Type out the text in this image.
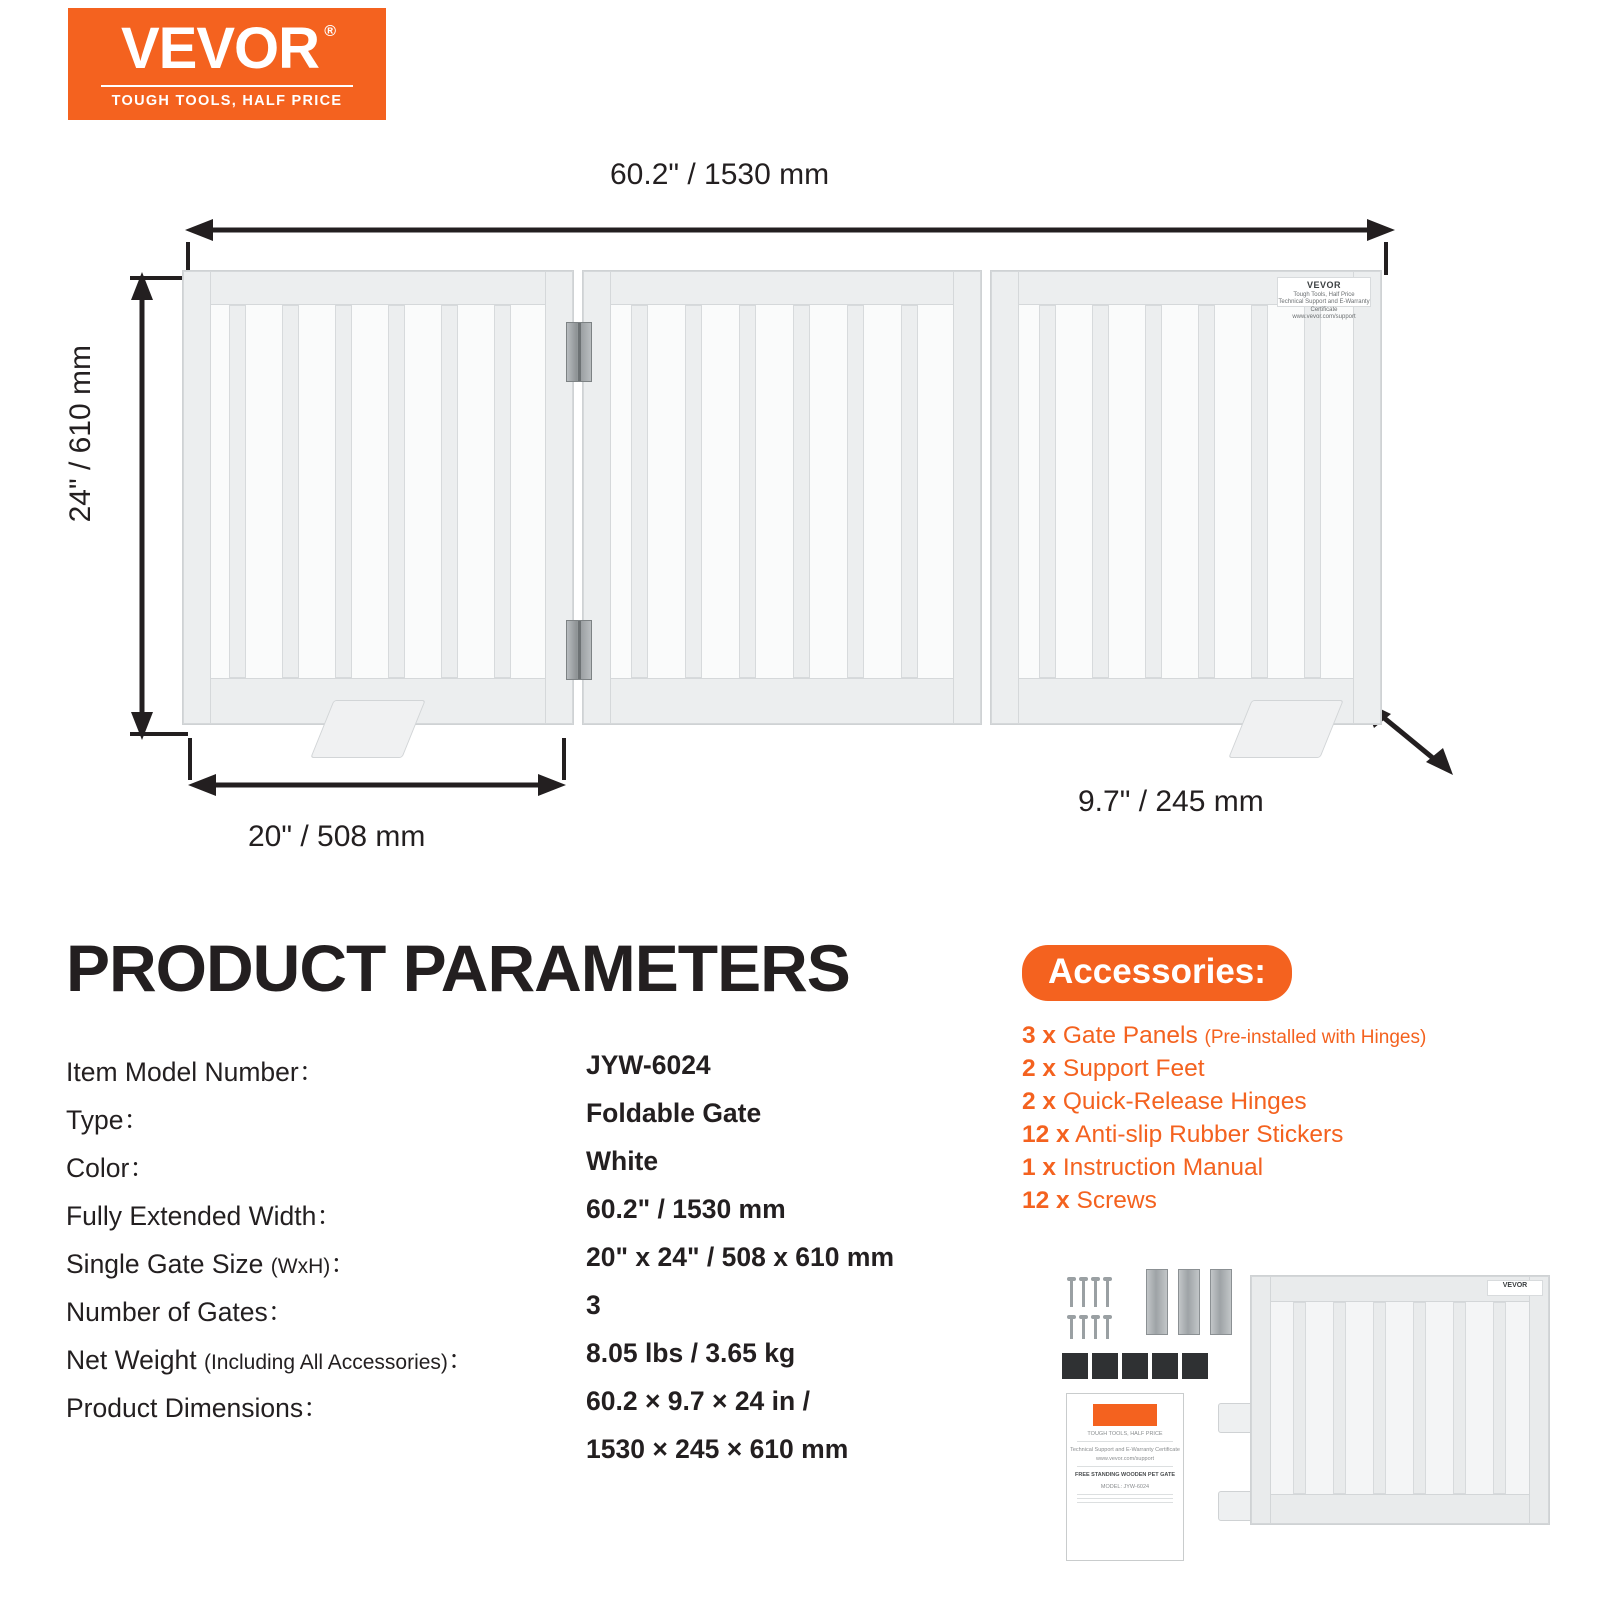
VEVOR ®
TOUGH TOOLS, HALF PRICE
60.2" / 1530 mm
24" / 610 mm
20" / 508 mm
9.7" / 245 mm
VEVOR
Tough Tools, Half Price
Technical Support and E-Warranty
Certificate www.vevor.com/support
PRODUCT PARAMETERS
Item Model Number：	JYW-6024
Type：	Foldable Gate
Color：	White
Fully Extended Width：	60.2" / 1530 mm
Single Gate Size (WxH)：	20" x 24" / 508 x 610 mm
Number of Gates：	3
Net Weight (Including All Accessories)：	8.05 lbs / 3.65 kg
Product Dimensions：	60.2 × 9.7 × 24 in /
1530 × 245 × 610 mm
Accessories:
3 x Gate Panels (Pre-installed with Hinges)
2 x Support Feet
2 x Quick-Release Hinges
12 x Anti-slip Rubber Stickers
1 x Instruction Manual
12 x Screws
VEVOR
TOUGH TOOLS, HALF PRICE
Technical Support and E-Warranty Certificate www.vevor.com/support
FREE STANDING WOODEN PET GATE
MODEL: JYW-6024
